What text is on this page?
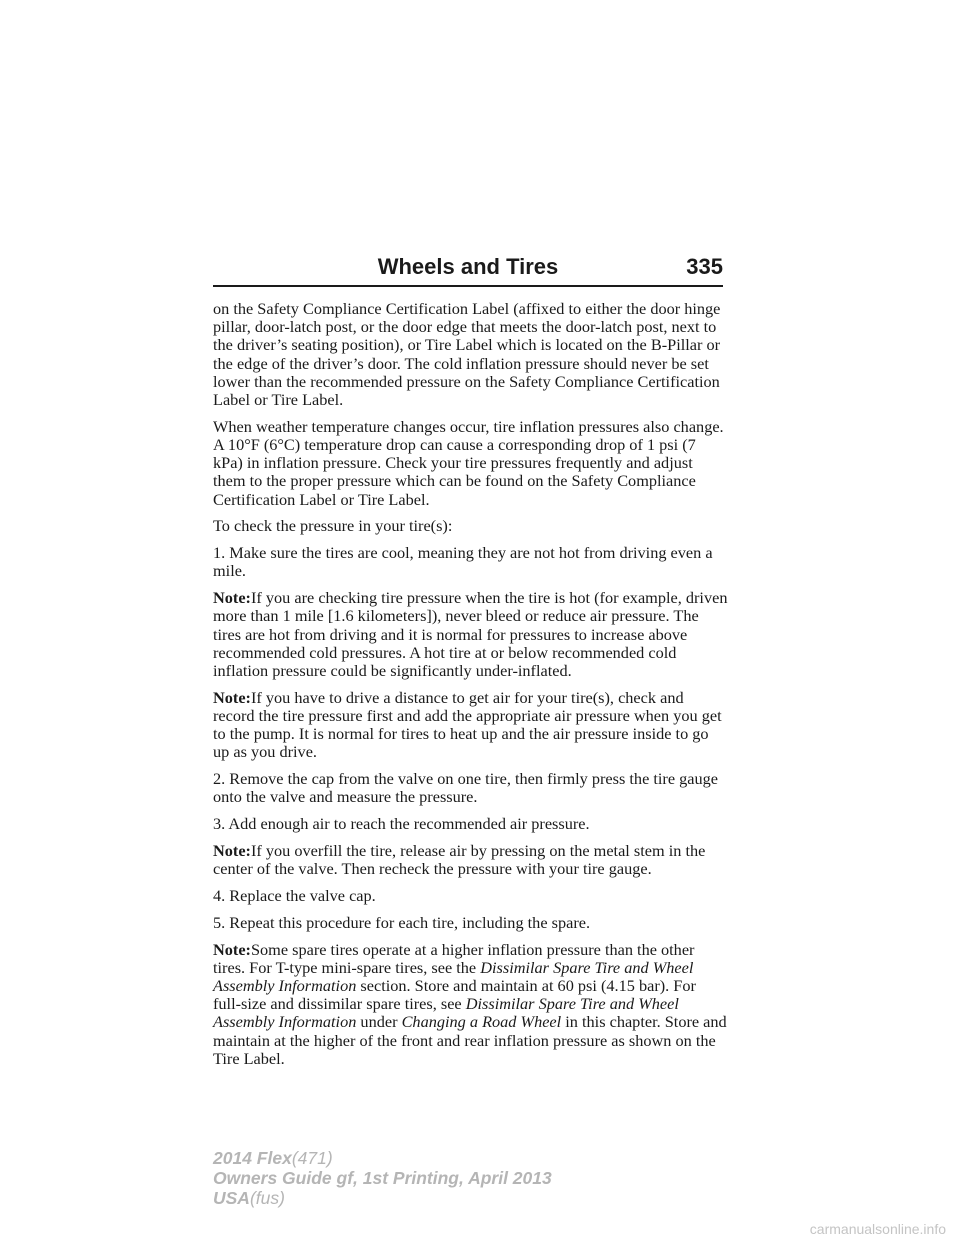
Wheels and Tires	335

on the Safety Compliance Certification Label (affixed to either the door hinge pillar, door-latch post, or the door edge that meets the door-latch post, next to the driver’s seating position), or Tire Label which is located on the B-Pillar or the edge of the driver’s door. The cold inflation pressure should never be set lower than the recommended pressure on the Safety Compliance Certification Label or Tire Label.

When weather temperature changes occur, tire inflation pressures also change. A 10°F (6°C) temperature drop can cause a corresponding drop of 1 psi (7 kPa) in inflation pressure. Check your tire pressures frequently and adjust them to the proper pressure which can be found on the Safety Compliance Certification Label or Tire Label.

To check the pressure in your tire(s):

1. Make sure the tires are cool, meaning they are not hot from driving even a mile.

Note:If you are checking tire pressure when the tire is hot (for example, driven more than 1 mile [1.6 kilometers]), never bleed or reduce air pressure. The tires are hot from driving and it is normal for pressures to increase above recommended cold pressures. A hot tire at or below recommended cold inflation pressure could be significantly under-inflated.

Note:If you have to drive a distance to get air for your tire(s), check and record the tire pressure first and add the appropriate air pressure when you get to the pump. It is normal for tires to heat up and the air pressure inside to go up as you drive.

2. Remove the cap from the valve on one tire, then firmly press the tire gauge onto the valve and measure the pressure.

3. Add enough air to reach the recommended air pressure.

Note:If you overfill the tire, release air by pressing on the metal stem in the center of the valve. Then recheck the pressure with your tire gauge.

4. Replace the valve cap.

5. Repeat this procedure for each tire, including the spare.

Note:Some spare tires operate at a higher inflation pressure than the other tires. For T-type mini-spare tires, see the Dissimilar Spare Tire and Wheel Assembly Information section. Store and maintain at 60 psi (4.15 bar). For full-size and dissimilar spare tires, see Dissimilar Spare Tire and Wheel Assembly Information under Changing a Road Wheel in this chapter. Store and maintain at the higher of the front and rear inflation pressure as shown on the Tire Label.

2014 Flex(471)
Owners Guide gf, 1st Printing, April 2013
USA(fus)
carmanualsonline.info
